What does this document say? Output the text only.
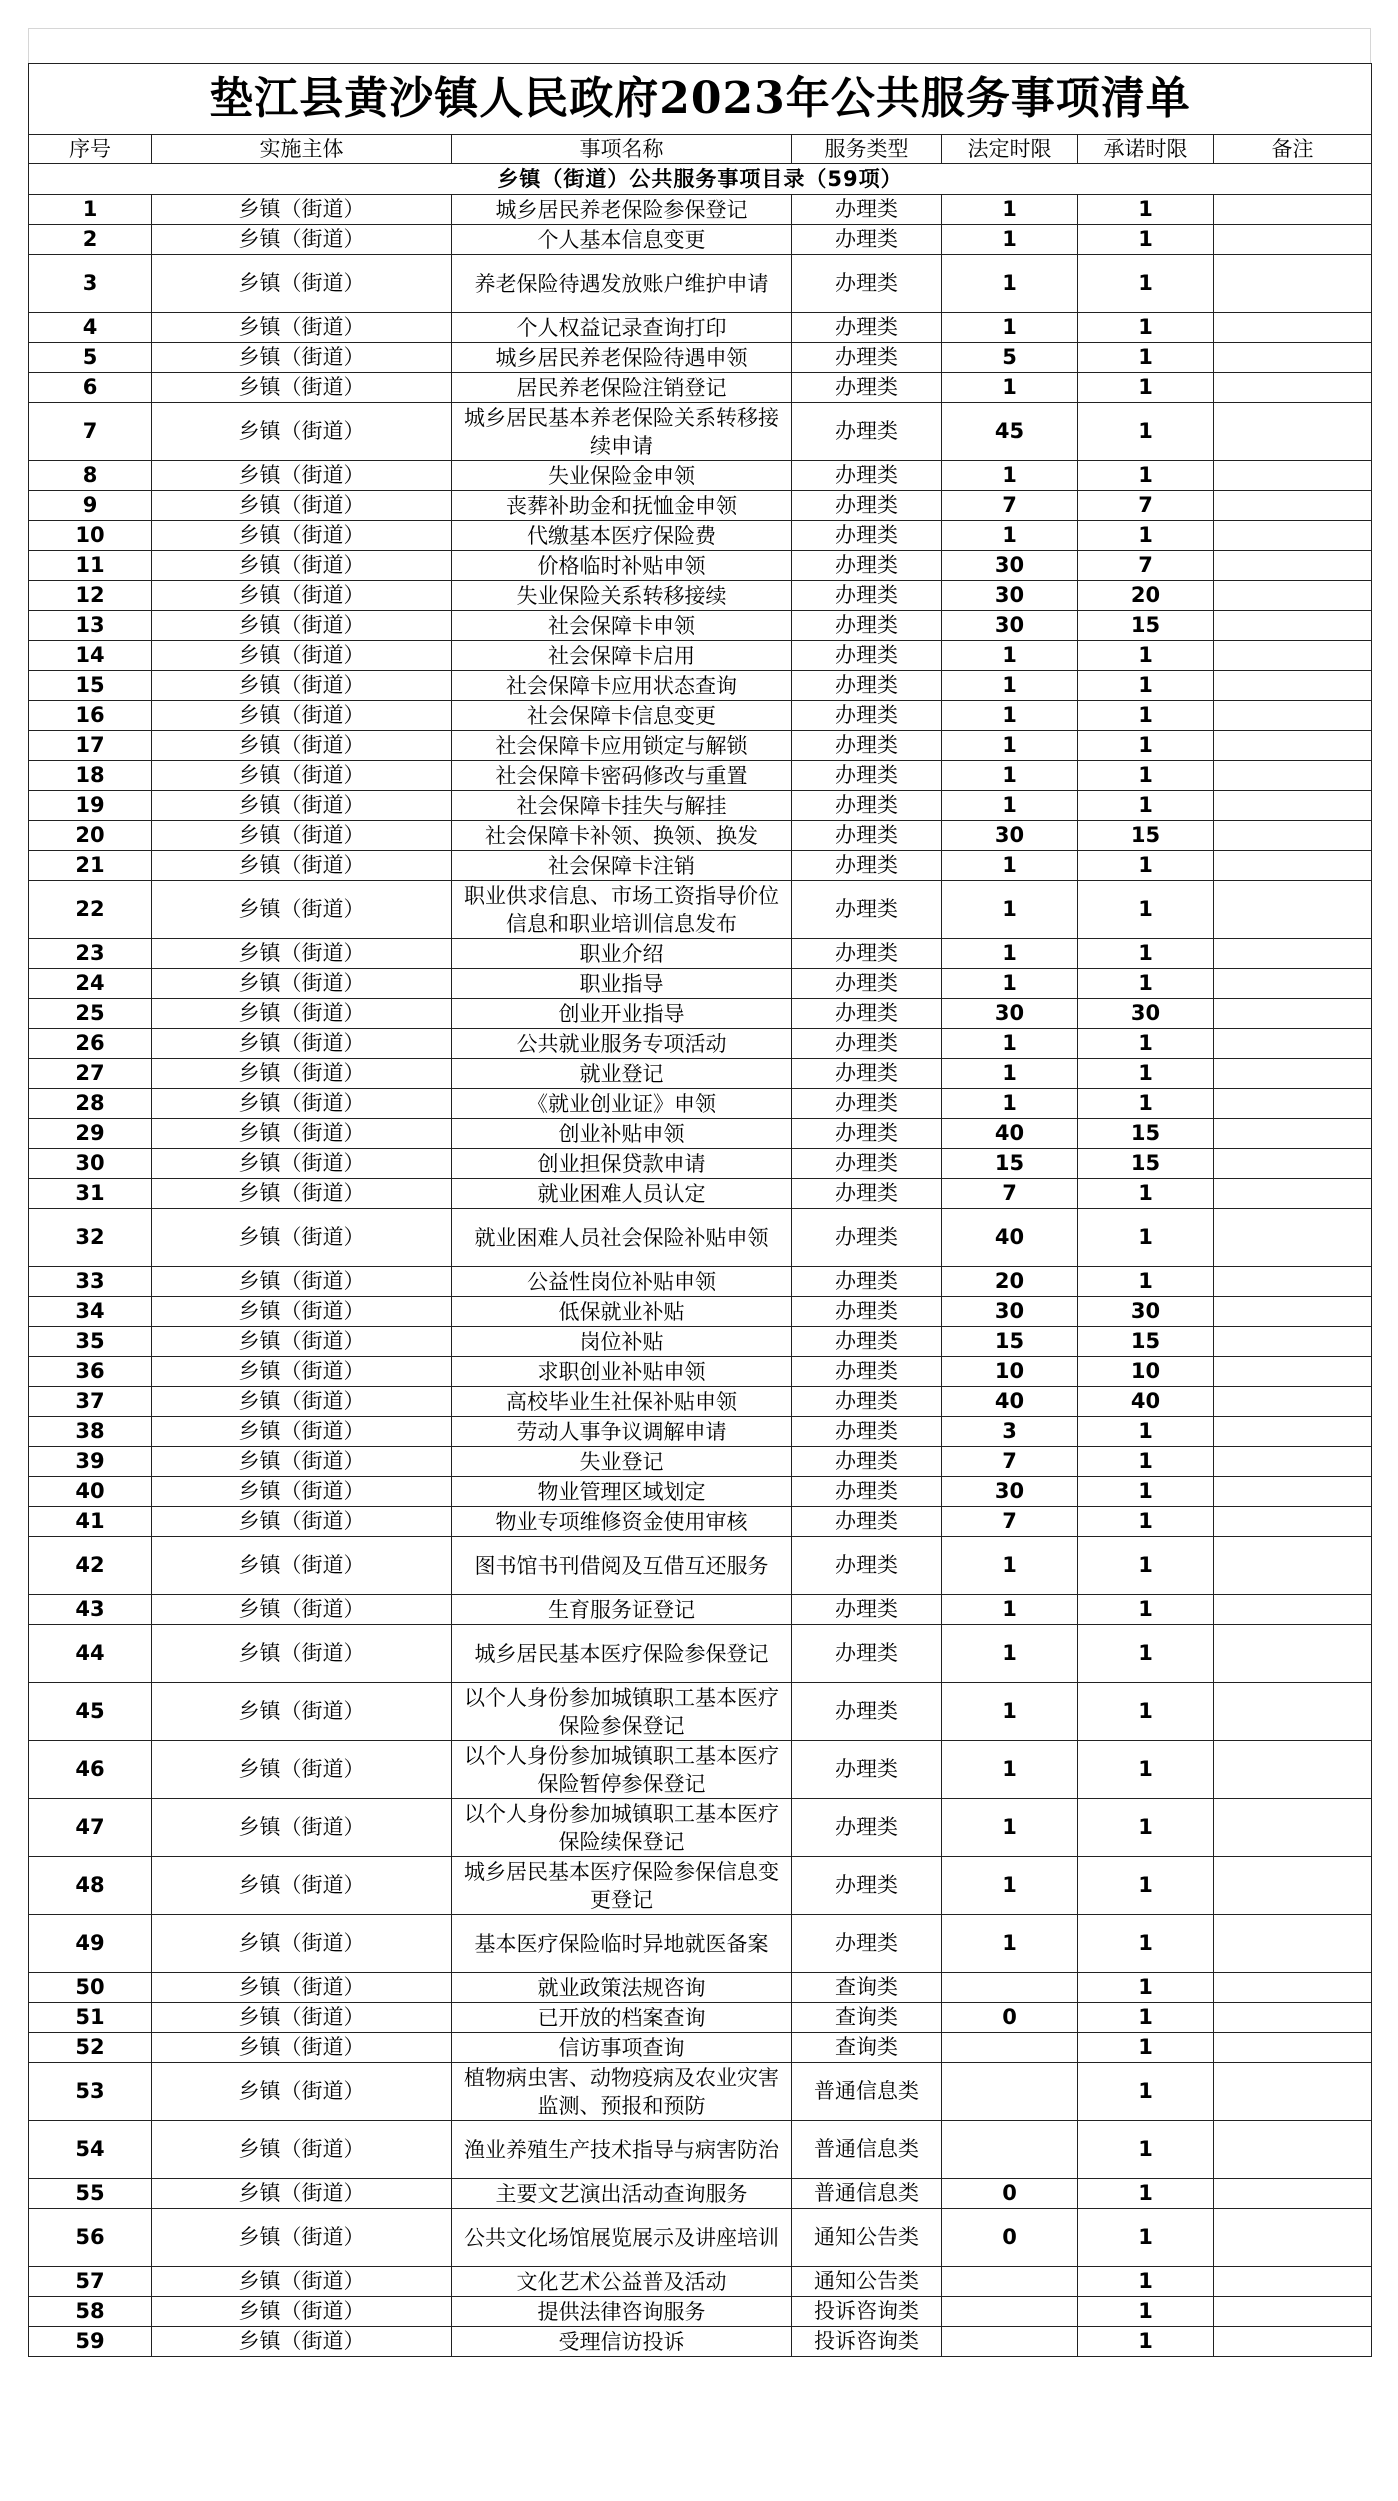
垫江县黄沙镇人民政府2023年公共服务事项清单						
序号	实施主体	事项名称	服务类型	法定时限	承诺时限	备注
乡镇（街道）公共服务事项目录（59项）						
1	乡镇（街道）	城乡居民养老保险参保登记	办理类	1	1	
2	乡镇（街道）	个人基本信息变更	办理类	1	1	
3	乡镇（街道）	养老保险待遇发放账户维护申请	办理类	1	1	
4	乡镇（街道）	个人权益记录查询打印	办理类	1	1	
5	乡镇（街道）	城乡居民养老保险待遇申领	办理类	5	1	
6	乡镇（街道）	居民养老保险注销登记	办理类	1	1	
7	乡镇（街道）	城乡居民基本养老保险关系转移接续申请	办理类	45	1	
8	乡镇（街道）	失业保险金申领	办理类	1	1	
9	乡镇（街道）	丧葬补助金和抚恤金申领	办理类	7	7	
10	乡镇（街道）	代缴基本医疗保险费	办理类	1	1	
11	乡镇（街道）	价格临时补贴申领	办理类	30	7	
12	乡镇（街道）	失业保险关系转移接续	办理类	30	20	
13	乡镇（街道）	社会保障卡申领	办理类	30	15	
14	乡镇（街道）	社会保障卡启用	办理类	1	1	
15	乡镇（街道）	社会保障卡应用状态查询	办理类	1	1	
16	乡镇（街道）	社会保障卡信息变更	办理类	1	1	
17	乡镇（街道）	社会保障卡应用锁定与解锁	办理类	1	1	
18	乡镇（街道）	社会保障卡密码修改与重置	办理类	1	1	
19	乡镇（街道）	社会保障卡挂失与解挂	办理类	1	1	
20	乡镇（街道）	社会保障卡补领、换领、换发	办理类	30	15	
21	乡镇（街道）	社会保障卡注销	办理类	1	1	
22	乡镇（街道）	职业供求信息、市场工资指导价位信息和职业培训信息发布	办理类	1	1	
23	乡镇（街道）	职业介绍	办理类	1	1	
24	乡镇（街道）	职业指导	办理类	1	1	
25	乡镇（街道）	创业开业指导	办理类	30	30	
26	乡镇（街道）	公共就业服务专项活动	办理类	1	1	
27	乡镇（街道）	就业登记	办理类	1	1	
28	乡镇（街道）	《就业创业证》申领	办理类	1	1	
29	乡镇（街道）	创业补贴申领	办理类	40	15	
30	乡镇（街道）	创业担保贷款申请	办理类	15	15	
31	乡镇（街道）	就业困难人员认定	办理类	7	1	
32	乡镇（街道）	就业困难人员社会保险补贴申领	办理类	40	1	
33	乡镇（街道）	公益性岗位补贴申领	办理类	20	1	
34	乡镇（街道）	低保就业补贴	办理类	30	30	
35	乡镇（街道）	岗位补贴	办理类	15	15	
36	乡镇（街道）	求职创业补贴申领	办理类	10	10	
37	乡镇（街道）	高校毕业生社保补贴申领	办理类	40	40	
38	乡镇（街道）	劳动人事争议调解申请	办理类	3	1	
39	乡镇（街道）	失业登记	办理类	7	1	
40	乡镇（街道）	物业管理区域划定	办理类	30	1	
41	乡镇（街道）	物业专项维修资金使用审核	办理类	7	1	
42	乡镇（街道）	图书馆书刊借阅及互借互还服务	办理类	1	1	
43	乡镇（街道）	生育服务证登记	办理类	1	1	
44	乡镇（街道）	城乡居民基本医疗保险参保登记	办理类	1	1	
45	乡镇（街道）	以个人身份参加城镇职工基本医疗保险参保登记	办理类	1	1	
46	乡镇（街道）	以个人身份参加城镇职工基本医疗保险暂停参保登记	办理类	1	1	
47	乡镇（街道）	以个人身份参加城镇职工基本医疗保险续保登记	办理类	1	1	
48	乡镇（街道）	城乡居民基本医疗保险参保信息变更登记	办理类	1	1	
49	乡镇（街道）	基本医疗保险临时异地就医备案	办理类	1	1	
50	乡镇（街道）	就业政策法规咨询	查询类		1	
51	乡镇（街道）	已开放的档案查询	查询类	0	1	
52	乡镇（街道）	信访事项查询	查询类		1	
53	乡镇（街道）	植物病虫害、动物疫病及农业灾害监测、预报和预防	普通信息类		1	
54	乡镇（街道）	渔业养殖生产技术指导与病害防治	普通信息类		1	
55	乡镇（街道）	主要文艺演出活动查询服务	普通信息类	0	1	
56	乡镇（街道）	公共文化场馆展览展示及讲座培训	通知公告类	0	1	
57	乡镇（街道）	文化艺术公益普及活动	通知公告类		1	
58	乡镇（街道）	提供法律咨询服务	投诉咨询类		1	
59	乡镇（街道）	受理信访投诉	投诉咨询类		1	
